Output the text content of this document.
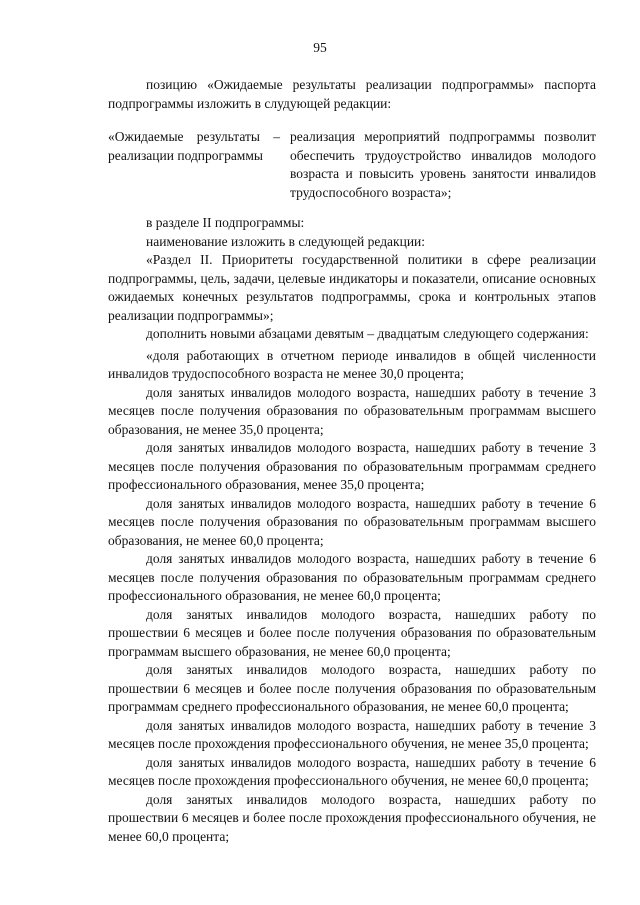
95

позицию «Ожидаемые результаты реализации подпрограммы» паспорта подпрограммы изложить в слудующей редакции:

«Ожидаемые результаты – реализации подпрограммы
реализация мероприятий подпрограммы позволит обеспечить трудоустройство инвалидов молодого возраста и повысить уровень занятости инвалидов трудоспособного возраста»;

в разделе II подпрограммы:

наименование изложить в следующей редакции:

«Раздел II. Приоритеты государственной политики в сфере реализации подпрограммы, цель, задачи, целевые индикаторы и показатели, описание основных ожидаемых конечных результатов подпрограммы, срока и контрольных этапов реализации подпрограммы»;

дополнить новыми абзацами девятым – двадцатым следующего содержания:

«доля работающих в отчетном периоде инвалидов в общей численности инвалидов трудоспособного возраста не менее 30,0 процента;

доля занятых инвалидов молодого возраста, нашедших работу в течение 3 месяцев после получения образования по образовательным программам высшего образования, не менее 35,0 процента;

доля занятых инвалидов молодого возраста, нашедших работу в течение 3 месяцев после получения образования по образовательным программам среднего профессионального образования, менее 35,0 процента;

доля занятых инвалидов молодого возраста, нашедших работу в течение 6 месяцев после получения образования по образовательным программам высшего образования, не менее 60,0 процента;

доля занятых инвалидов молодого возраста, нашедших работу в течение 6 месяцев после получения образования по образовательным программам среднего профессионального образования, не менее 60,0 процента;

доля занятых инвалидов молодого возраста, нашедших работу по прошествии 6 месяцев и более после получения образования по образовательным программам высшего образования, не менее 60,0 процента;

доля занятых инвалидов молодого возраста, нашедших работу по прошествии 6 месяцев и более после получения образования по образовательным программам среднего профессионального образования, не менее 60,0 процента;

доля занятых инвалидов молодого возраста, нашедших работу в течение 3 месяцев после прохождения профессионального обучения, не менее 35,0 процента;

доля занятых инвалидов молодого возраста, нашедших работу в течение 6 месяцев после прохождения профессионального обучения, не менее 60,0 процента;

доля занятых инвалидов молодого возраста, нашедших работу по прошествии 6 месяцев и более после прохождения профессионального обучения, не менее 60,0 процента;
